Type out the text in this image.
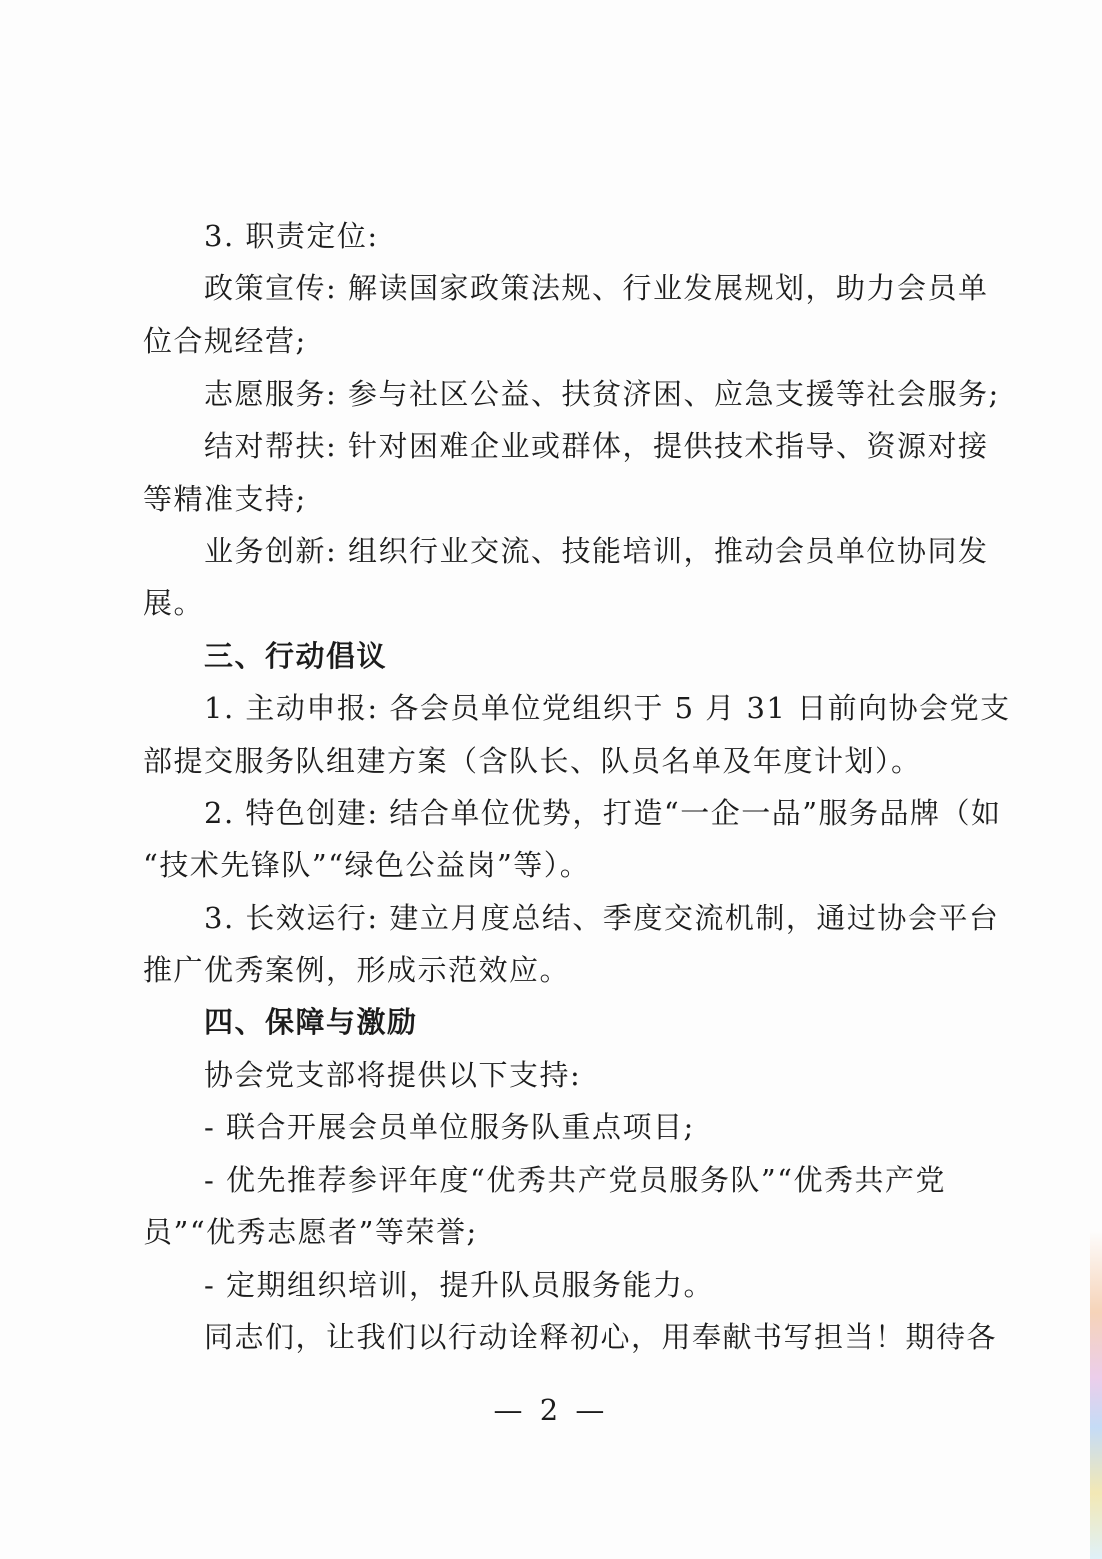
3. 职责定位:
政策宣传: 解读国家政策法规、行业发展规划，助力会员单
位合规经营;
志愿服务: 参与社区公益、扶贫济困、应急支援等社会服务;
结对帮扶: 针对困难企业或群体，提供技术指导、资源对接
等精准支持;
业务创新: 组织行业交流、技能培训，推动会员单位协同发
展。
三、行动倡议
1. 主动申报: 各会员单位党组织于 5 月 31 日前向协会党支
部提交服务队组建方案（含队长、队员名单及年度计划）。
2. 特色创建: 结合单位优势，打造“一企一品”服务品牌（如
“技术先锋队”“绿色公益岗”等）。
3. 长效运行: 建立月度总结、季度交流机制，通过协会平台
推广优秀案例，形成示范效应。
四、保障与激励
协会党支部将提供以下支持:
- 联合开展会员单位服务队重点项目;
- 优先推荐参评年度“优秀共产党员服务队”“优秀共产党
员”“优秀志愿者”等荣誉;
- 定期组织培训，提升队员服务能力。
同志们，让我们以行动诠释初心，用奉献书写担当！期待各
— 2 —
